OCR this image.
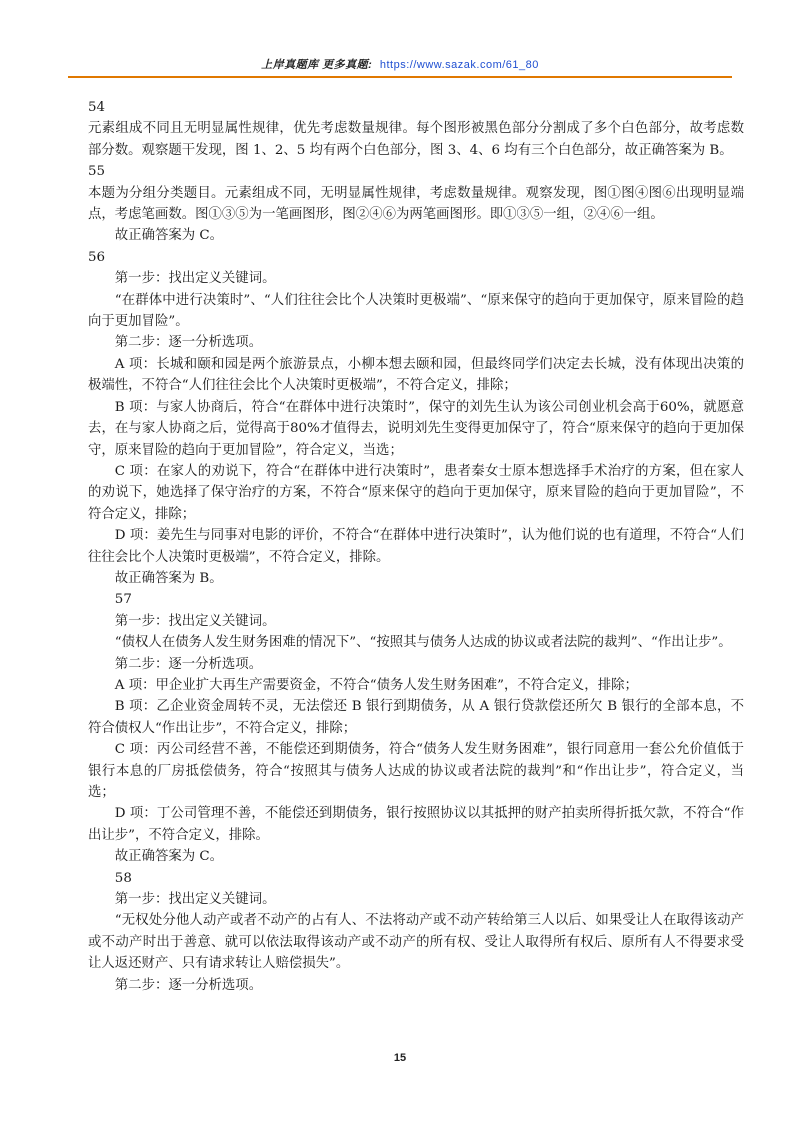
上岸真题库 更多真题: https://www.sazak.com/61_80

54

元素组成不同且无明显属性规律，优先考虑数量规律。每个图形被黑色部分分割成了多个白色部分，故考虑数部分数。观察题干发现，图 1、2、5 均有两个白色部分，图 3、4、6 均有三个白色部分，故正确答案为 B。

55

本题为分组分类题目。元素组成不同，无明显属性规律，考虑数量规律。观察发现，图①图④图⑥出现明显端点，考虑笔画数。图①③⑤为一笔画图形，图②④⑥为两笔画图形。即①③⑤一组，②④⑥一组。

故正确答案为 C。

56

第一步：找出定义关键词。

“在群体中进行决策时”、“人们往往会比个人决策时更极端”、“原来保守的趋向于更加保守，原来冒险的趋向于更加冒险”。

第二步：逐一分析选项。

A 项：长城和颐和园是两个旅游景点，小柳本想去颐和园，但最终同学们决定去长城，没有体现出决策的极端性，不符合“人们往往会比个人决策时更极端”，不符合定义，排除；

B 项：与家人协商后，符合“在群体中进行决策时”，保守的刘先生认为该公司创业机会高于60%，就愿意去，在与家人协商之后，觉得高于80%才值得去，说明刘先生变得更加保守了，符合“原来保守的趋向于更加保守，原来冒险的趋向于更加冒险”，符合定义，当选；

C 项：在家人的劝说下，符合“在群体中进行决策时”，患者秦女士原本想选择手术治疗的方案，但在家人的劝说下，她选择了保守治疗的方案，不符合“原来保守的趋向于更加保守，原来冒险的趋向于更加冒险”，不符合定义，排除；

D 项：姜先生与同事对电影的评价，不符合“在群体中进行决策时”，认为他们说的也有道理，不符合“人们往往会比个人决策时更极端”，不符合定义，排除。

故正确答案为 B。

57

第一步：找出定义关键词。

“债权人在债务人发生财务困难的情况下”、“按照其与债务人达成的协议或者法院的裁判”、“作出让步”。

第二步：逐一分析选项。

A 项：甲企业扩大再生产需要资金，不符合“债务人发生财务困难”，不符合定义，排除；

B 项：乙企业资金周转不灵，无法偿还 B 银行到期债务，从 A 银行贷款偿还所欠 B 银行的全部本息，不符合债权人“作出让步”，不符合定义，排除；

C 项：丙公司经营不善，不能偿还到期债务，符合“债务人发生财务困难”，银行同意用一套公允价值低于银行本息的厂房抵偿债务，符合“按照其与债务人达成的协议或者法院的裁判”和“作出让步”，符合定义，当选；

D 项：丁公司管理不善，不能偿还到期债务，银行按照协议以其抵押的财产拍卖所得折抵欠款，不符合“作出让步”，不符合定义，排除。

故正确答案为 C。

58

第一步：找出定义关键词。

“无权处分他人动产或者不动产的占有人、不法将动产或不动产转给第三人以后、如果受让人在取得该动产或不动产时出于善意、就可以依法取得该动产或不动产的所有权、受让人取得所有权后、原所有人不得要求受让人返还财产、只有请求转让人赔偿损失”。

第二步：逐一分析选项。

15
